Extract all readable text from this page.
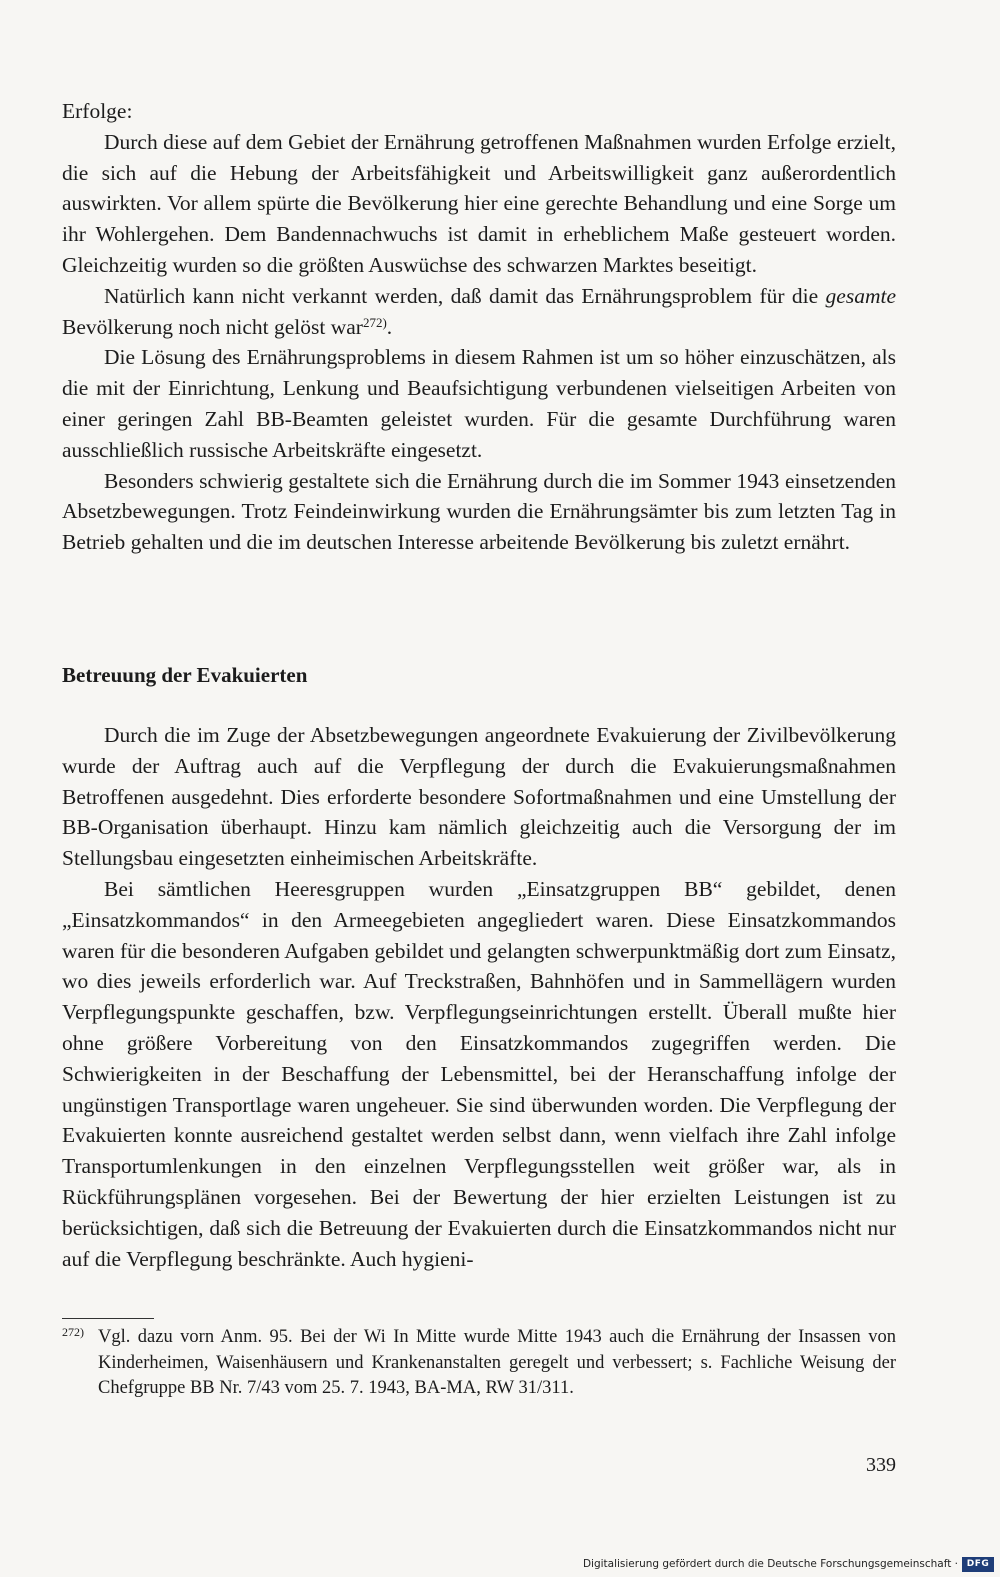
Erfolge:

Durch diese auf dem Gebiet der Ernährung getroffenen Maßnahmen wurden Erfolge erzielt, die sich auf die Hebung der Arbeitsfähigkeit und Arbeitswilligkeit ganz außerordentlich auswirkten. Vor allem spürte die Bevölkerung hier eine gerechte Behandlung und eine Sorge um ihr Wohlergehen. Dem Bandennachwuchs ist damit in erheblichem Maße gesteuert worden. Gleichzeitig wurden so die größten Auswüchse des schwarzen Marktes beseitigt.

Natürlich kann nicht verkannt werden, daß damit das Ernährungsproblem für die gesamte Bevölkerung noch nicht gelöst war$^{272)}$.

Die Lösung des Ernährungsproblems in diesem Rahmen ist um so höher einzuschätzen, als die mit der Einrichtung, Lenkung und Beaufsichtigung verbundenen vielseitigen Arbeiten von einer geringen Zahl BB-Beamten geleistet wurden. Für die gesamte Durchführung waren ausschließlich russische Arbeitskräfte eingesetzt.

Besonders schwierig gestaltete sich die Ernährung durch die im Sommer 1943 einsetzenden Absetzbewegungen. Trotz Feindeinwirkung wurden die Ernährungsämter bis zum letzten Tag in Betrieb gehalten und die im deutschen Interesse arbeitende Bevölkerung bis zuletzt ernährt.

Betreuung der Evakuierten

Durch die im Zuge der Absetzbewegungen angeordnete Evakuierung der Zivilbevölkerung wurde der Auftrag auch auf die Verpflegung der durch die Evakuierungsmaßnahmen Betroffenen ausgedehnt. Dies erforderte besondere Sofortmaßnahmen und eine Umstellung der BB-Organisation überhaupt. Hinzu kam nämlich gleichzeitig auch die Versorgung der im Stellungsbau eingesetzten einheimischen Arbeitskräfte.

Bei sämtlichen Heeresgruppen wurden „Einsatzgruppen BB“ gebildet, denen „Einsatzkommandos“ in den Armeegebieten angegliedert waren. Diese Einsatzkommandos waren für die besonderen Aufgaben gebildet und gelangten schwerpunktmäßig dort zum Einsatz, wo dies jeweils erforderlich war. Auf Treckstraßen, Bahnhöfen und in Sammellägern wurden Verpflegungspunkte geschaffen, bzw. Verpflegungseinrichtungen erstellt. Überall mußte hier ohne größere Vorbereitung von den Einsatzkommandos zugegriffen werden. Die Schwierigkeiten in der Beschaffung der Lebensmittel, bei der Heranschaffung infolge der ungünstigen Transportlage waren ungeheuer. Sie sind überwunden worden. Die Verpflegung der Evakuierten konnte ausreichend gestaltet werden selbst dann, wenn vielfach ihre Zahl infolge Transportumlenkungen in den einzelnen Verpflegungsstellen weit größer war, als in Rückführungsplänen vorgesehen. Bei der Bewertung der hier erzielten Leistungen ist zu berücksichtigen, daß sich die Betreuung der Evakuierten durch die Einsatzkommandos nicht nur auf die Verpflegung beschränkte. Auch hygieni-

$^{272)}$ Vgl. dazu vorn Anm. 95. Bei der Wi In Mitte wurde Mitte 1943 auch die Ernährung der Insassen von Kinderheimen, Waisenhäusern und Krankenanstalten geregelt und verbessert; s. Fachliche Weisung der Chefgruppe BB Nr. 7/43 vom 25. 7. 1943, BA-MA, RW 31/311.
339
Digitalisierung gefördert durch die Deutsche Forschungsgemeinschaft · DFG
